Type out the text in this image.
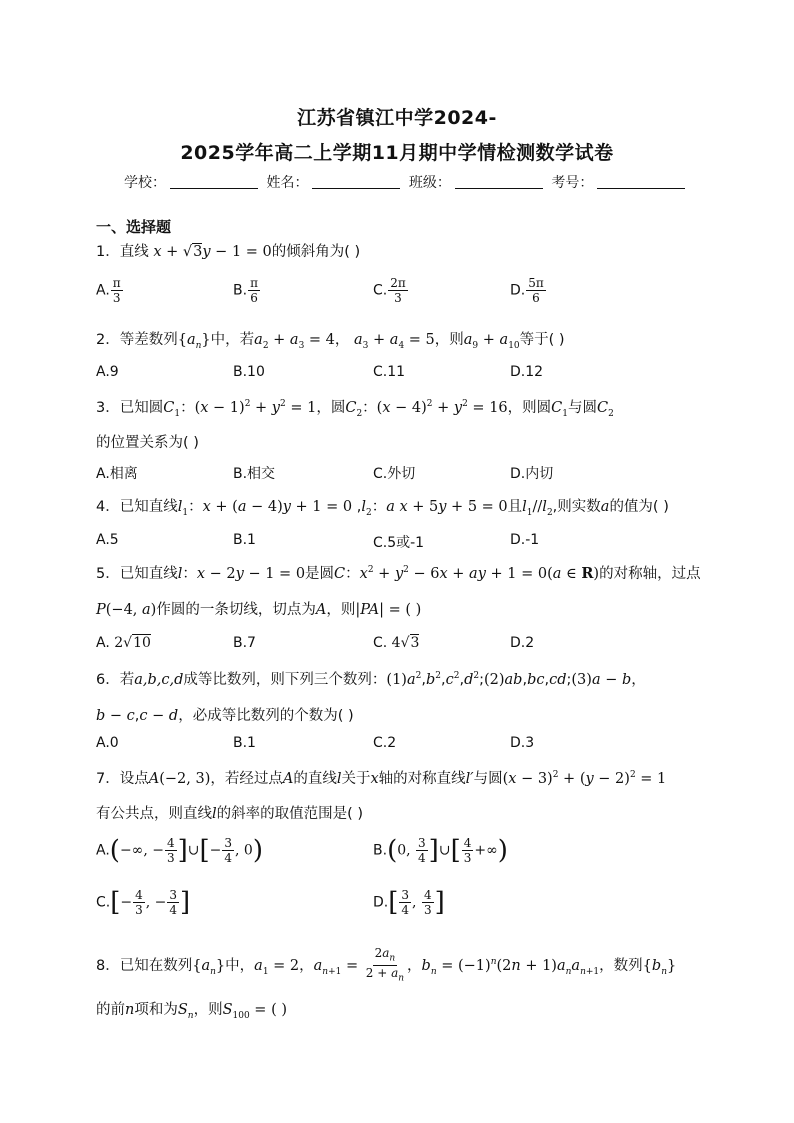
江苏省镇江中学2024-
2025学年高二上学期11月期中学情检测数学试卷
学校：	姓名：	班级：	考号：
一、选择题
1．直线 x + √3y − 1 = 0的倾斜角为( )
A. $\frac{\pi}{3}$	B. $\frac{\pi}{6}$	C. $\frac{2\pi}{3}$	D. $\frac{5\pi}{6}$
2．等差数列$\{a_n\}$中，若$a_2 + a_3 = 4$， $a_3 + a_4 = 5$，则$a_9 + a_{10}$等于( )
A.9	B.10	C.11	D.12
3．已知圆$C_1$：$(x - 1)^2 + y^2 = 1$，圆$C_2$：$(x - 4)^2 + y^2 = 16$，则圆$C_1$与圆$C_2$
的位置关系为( )
A.相离	B.相交	C.外切	D.内切
4．已知直线$l_1$：x + (a − 4)y + 1 = 0 $,l_2$：a x + 5y + 5 = 0且$l_1//l_2$,则实数a的值为( )
A.5	B.1	C.5或-1	D.-1
5．已知直线l：x − 2y − 1 = 0是圆C：$x^2 + y^2 - 6x$ + ay + 1 = 0(a ∈ R)的对称轴，过点
P(−4, a)作圆的一条切线，切点为A，则|PA| = ( )
A. 2√10	B.7	C. 4√3	D.2
6．若a,b,c,d成等比数列，则下列三个数列：$(1)a^2,b^2,c^2,d^2;(2)ab,bc,cd;(3)a - b$，
b − c,c − d，必成等比数列的个数为( )
A.0	B.1	C.2	D.3
7．设点A(−2, 3)，若经过点A的直线l关于x轴的对称直线l′与圆$(x - 3)^2 + (y - 2)^2 = 1$
有公共点，则直线l的斜率的取值范围是( )
A.(−∞, − $\frac{4}{3}$ ]∪[− $\frac{3}{4}$ , 0)	B.(0, $\frac{3}{4}$ ]∪[ $\frac{4}{3}$ +∞)
$C.[- \frac{4}{3}$ , − $\frac{3}{4}$ ]	$D.[ \frac{3}{4}$ , $\frac{4}{3}$ ]
8．已知在数列$\{a_n\}$中，$a_1 = 2$，$a_{n+1} = \frac{2a_n}{2 + a_n}$ ，$b_n = (-1)^n(2n + 1)a_na_{n+1}$，数列$\{b_n\}$
的前n项和为$S_n$，则$S_{100}$ = ( )
